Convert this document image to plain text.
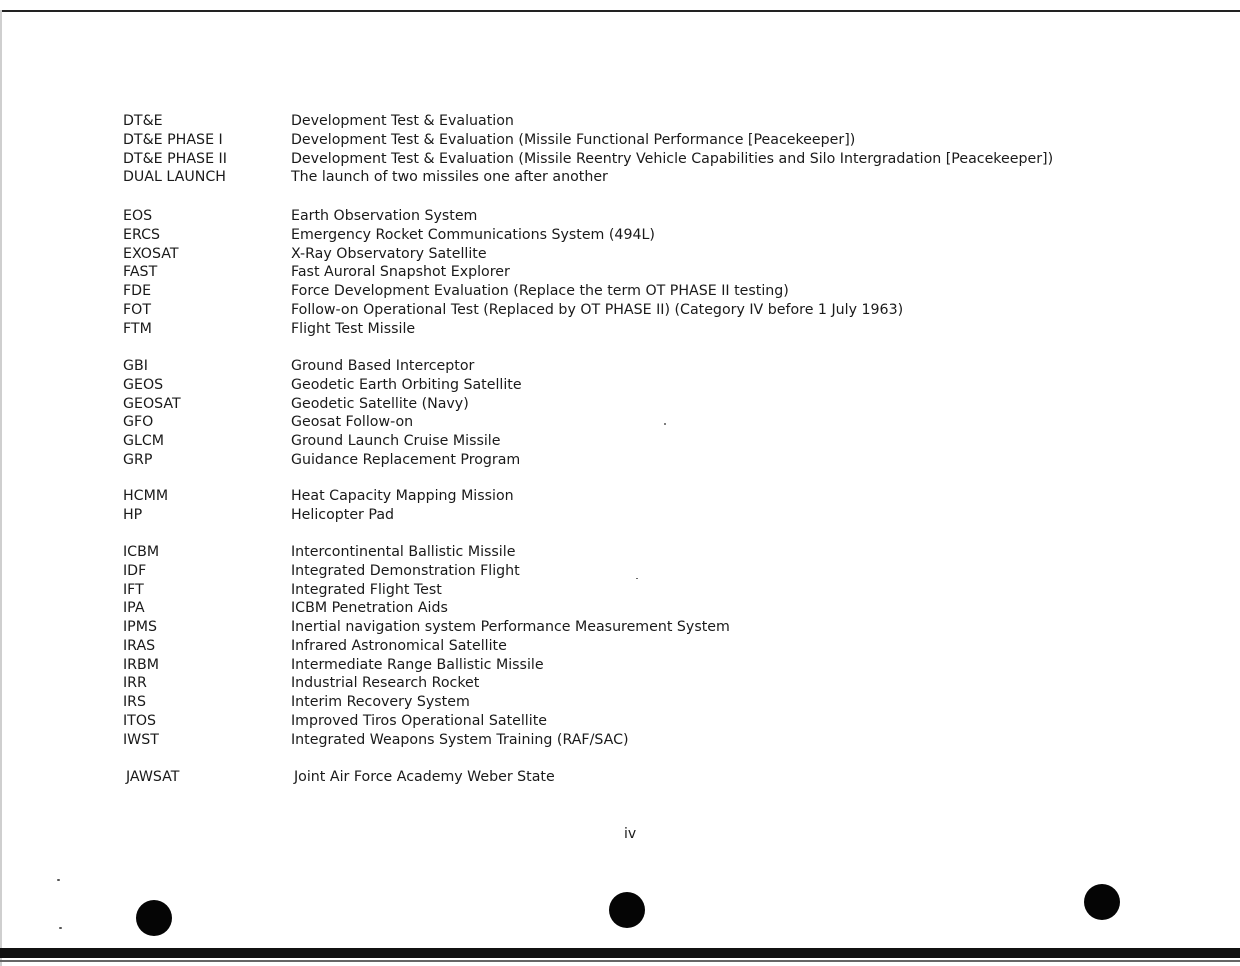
DT&E	Development Test & Evaluation
DT&E PHASE I	Development Test & Evaluation (Missile Functional Performance [Peacekeeper])
DT&E PHASE II	Development Test & Evaluation (Missile Reentry Vehicle Capabilities and Silo Intergradation [Peacekeeper])
DUAL LAUNCH	The launch of two missiles one after another
EOS	Earth Observation System
ERCS	Emergency Rocket Communications System (494L)
EXOSAT	X-Ray Observatory Satellite
FAST	Fast Auroral Snapshot Explorer
FDE	Force Development Evaluation (Replace the term OT PHASE II testing)
FOT	Follow-on Operational Test (Replaced by OT PHASE II) (Category IV before 1 July 1963)
FTM	Flight Test Missile
GBI	Ground Based Interceptor
GEOS	Geodetic Earth Orbiting Satellite
GEOSAT	Geodetic Satellite (Navy)
GFO	Geosat Follow-on
GLCM	Ground Launch Cruise Missile
GRP	Guidance Replacement Program
HCMM	Heat Capacity Mapping Mission
HP	Helicopter Pad
ICBM	Intercontinental Ballistic Missile
IDF	Integrated Demonstration Flight
IFT	Integrated Flight Test
IPA	ICBM Penetration Aids
IPMS	Inertial navigation system Performance Measurement System
IRAS	Infrared Astronomical Satellite
IRBM	Intermediate Range Ballistic Missile
IRR	Industrial Research Rocket
IRS	Interim Recovery System
ITOS	Improved Tiros Operational Satellite
IWST	Integrated Weapons System Training (RAF/SAC)
JAWSAT	Joint Air Force Academy Weber State
iv
